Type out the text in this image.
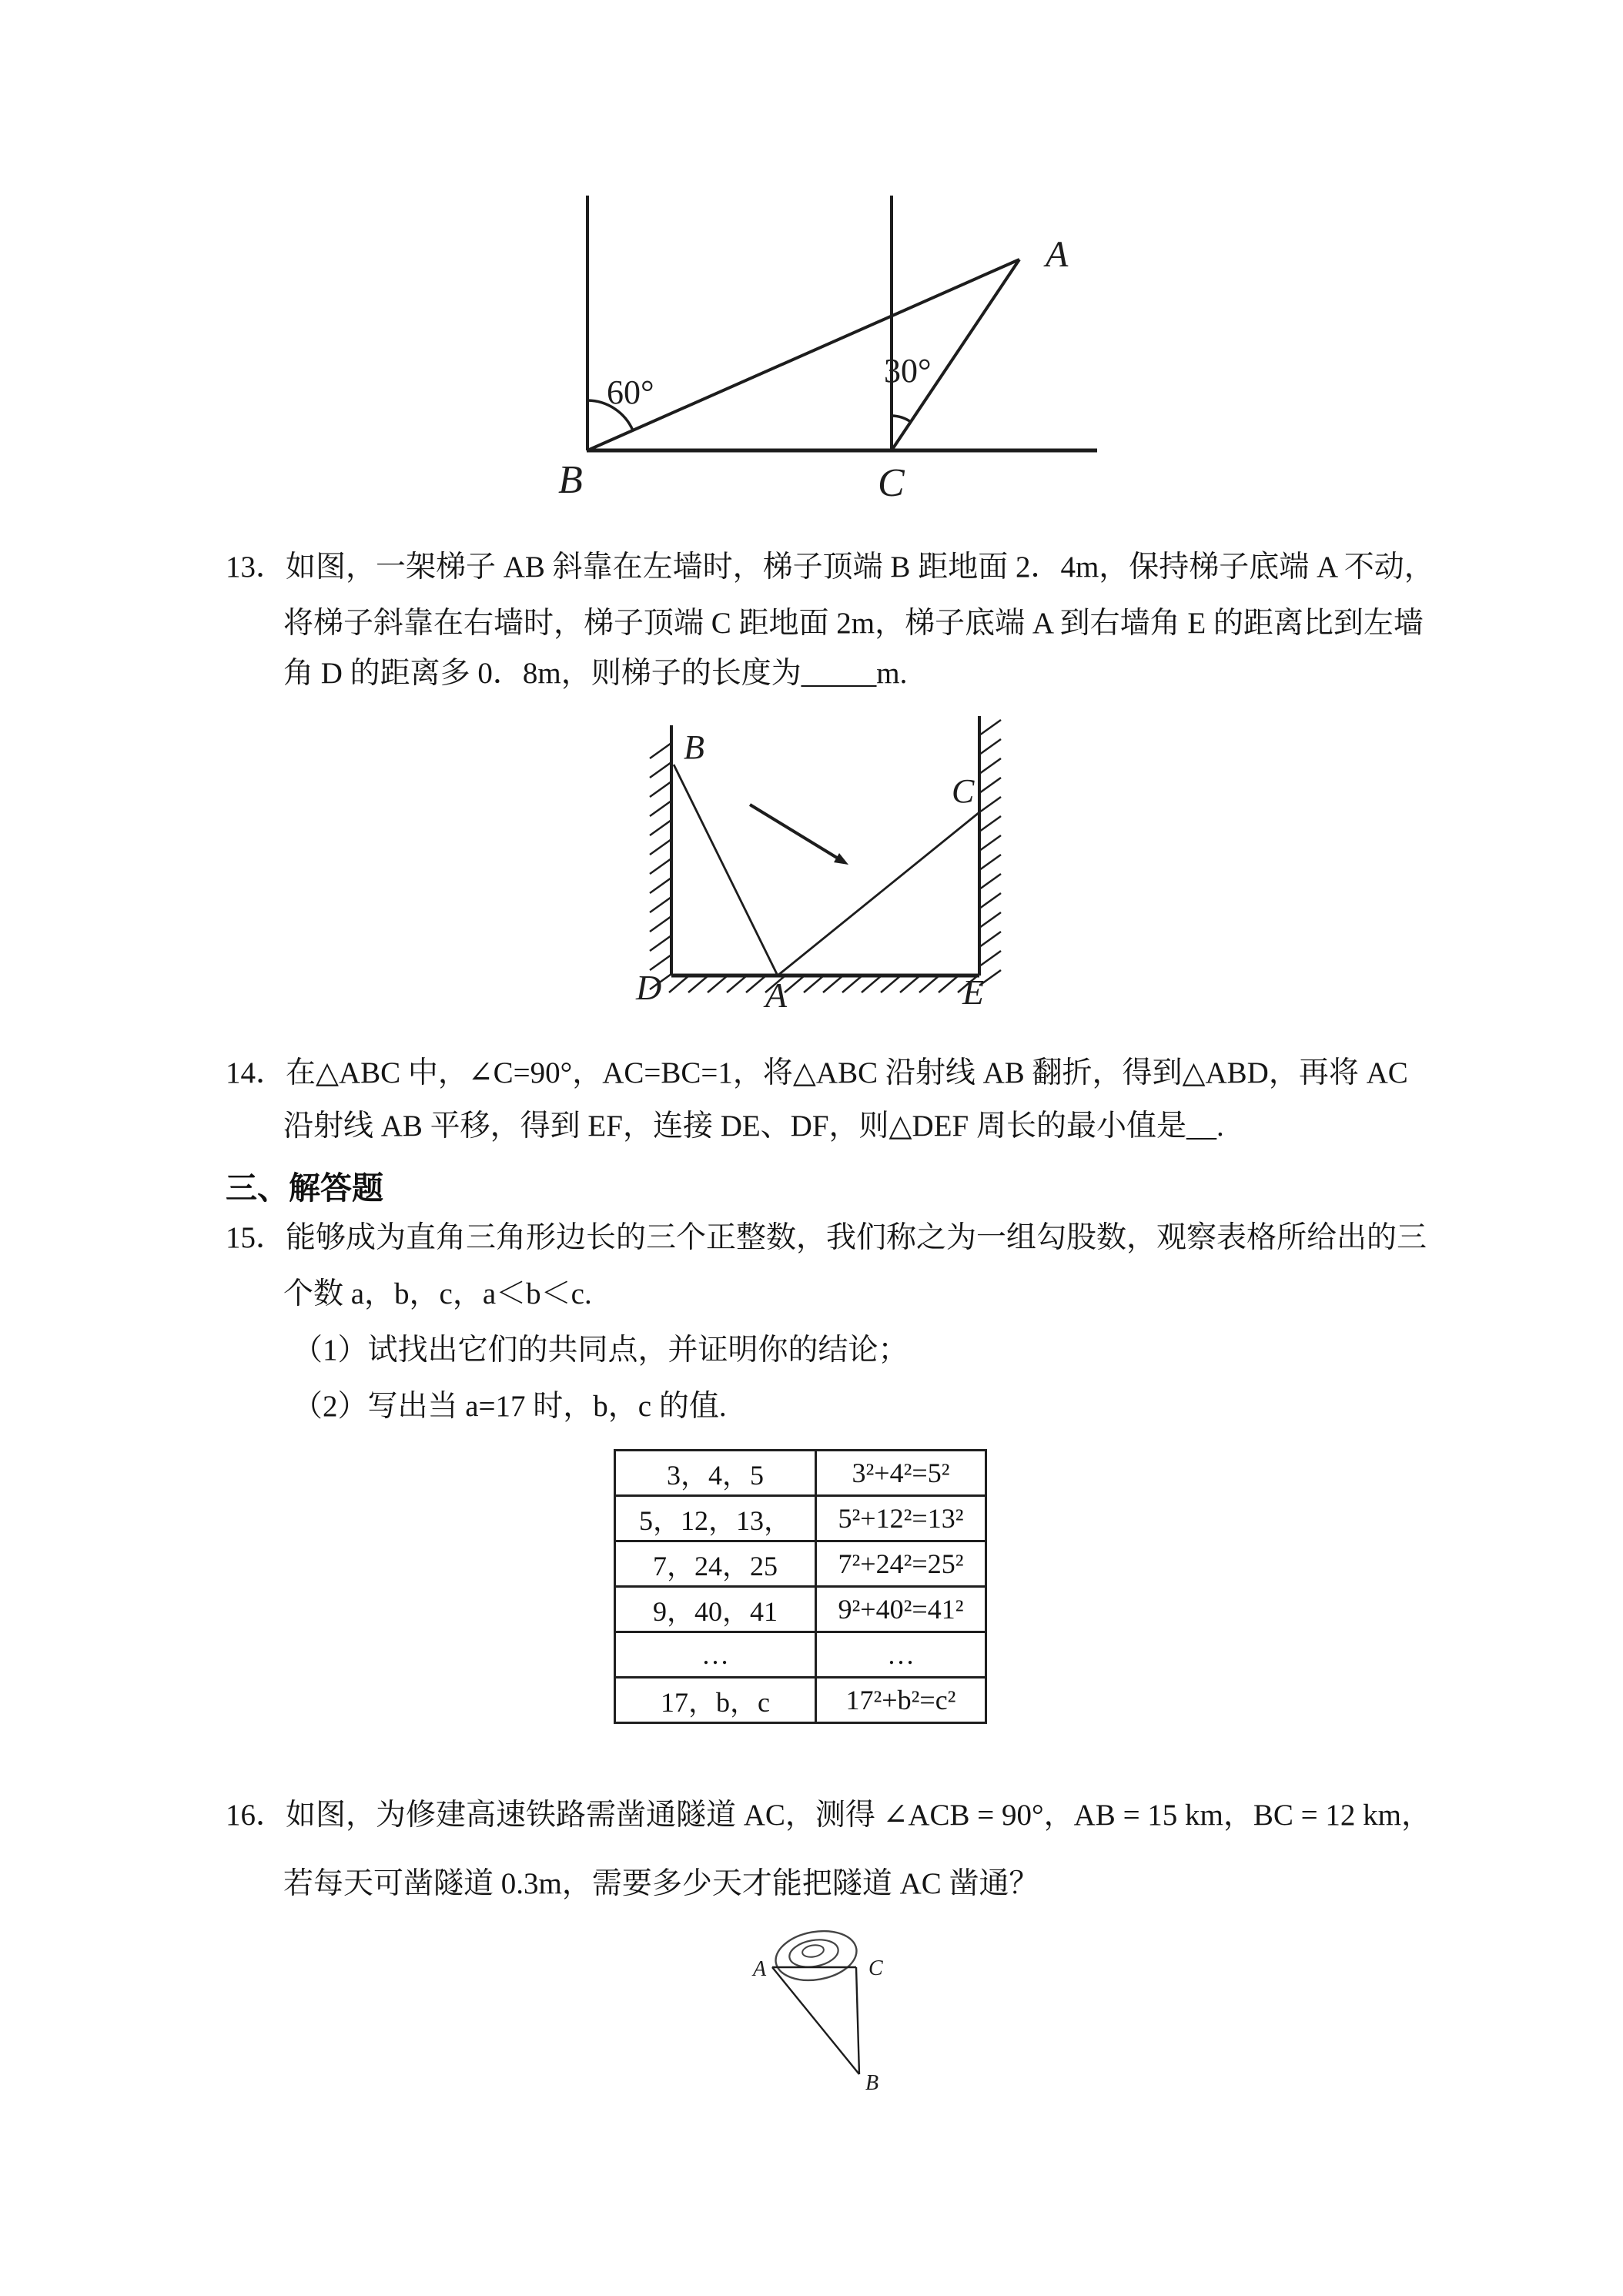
60°
30°
A
B	C
13．如图，一架梯子 AB 斜靠在左墙时，梯子顶端 B 距地面 2．4m，保持梯子底端 A 不动，
将梯子斜靠在右墙时，梯子顶端 C 距地面 2m，梯子底端 A 到右墙角 E 的距离比到左墙
角 D 的距离多 0．8m，则梯子的长度为_____m.
B
C
D	A	E
14．在△ABC 中，∠C=90°，AC=BC=1，将△ABC 沿射线 AB 翻折，得到△ABD，再将 AC
沿射线 AB 平移，得到 EF，连接 DE、DF，则△DEF 周长的最小值是__.
三、解答题
15．能够成为直角三角形边长的三个正整数，我们称之为一组勾股数，观察表格所给出的三
个数 a，b，c，a＜b＜c.
（1）试找出它们的共同点，并证明你的结论；
（2）写出当 a=17 时，b，c 的值.
3，4，5	3²+4²=5²
5，12，13，	5²+12²=13²
7，24，25	7²+24²=25²
9，40，41	9²+40²=41²
…	…
17，b，c	17²+b²=c²
16．如图，为修建高速铁路需凿通隧道 AC，测得 ∠ACB = 90°，AB = 15 km，BC = 12 km，
若每天可凿隧道 0.3m，需要多少天才能把隧道 AC 凿通？
A	C
B
